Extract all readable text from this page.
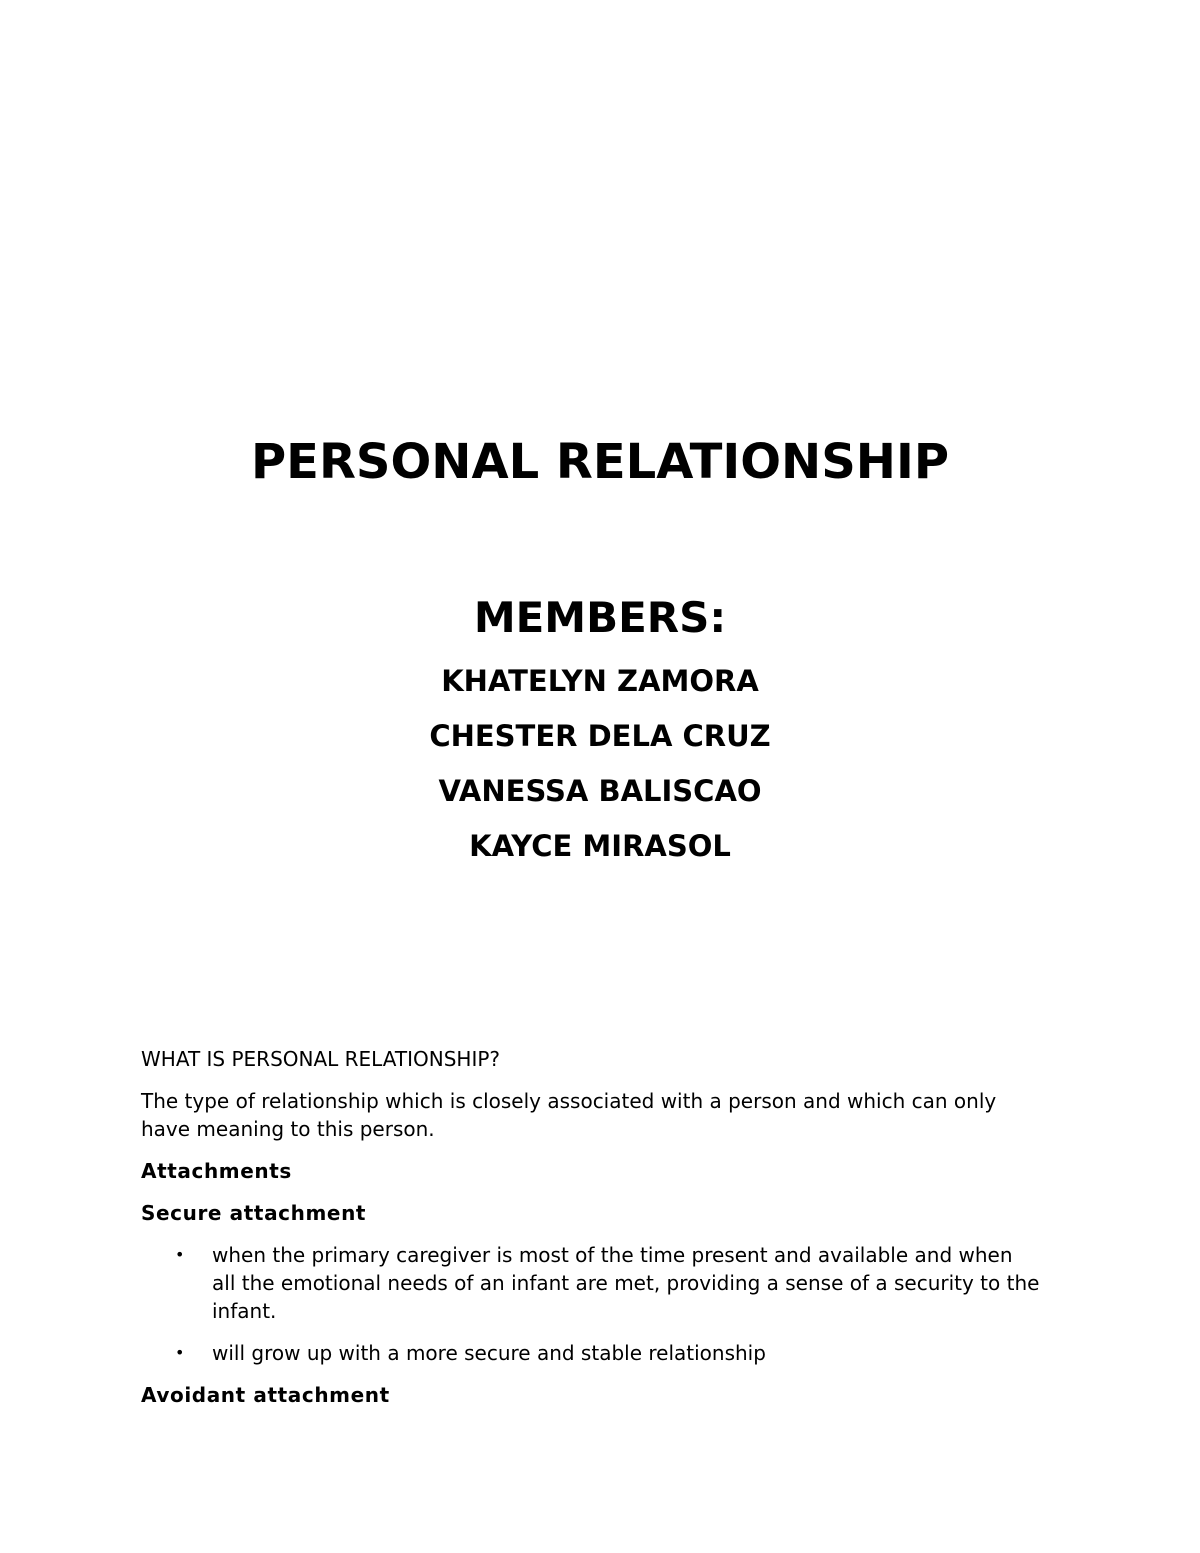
PERSONAL RELATIONSHIP
MEMBERS:
KHATELYN ZAMORA
CHESTER DELA CRUZ
VANESSA BALISCAO
KAYCE MIRASOL

WHAT IS PERSONAL RELATIONSHIP?

The type of relationship which is closely associated with a person and which can only have meaning to this person.

Attachments

Secure attachment

• when the primary caregiver is most of the time present and available and when all the emotional needs of an infant are met, providing a sense of a security to the infant.
• will grow up with a more secure and stable relationship

Avoidant attachment
